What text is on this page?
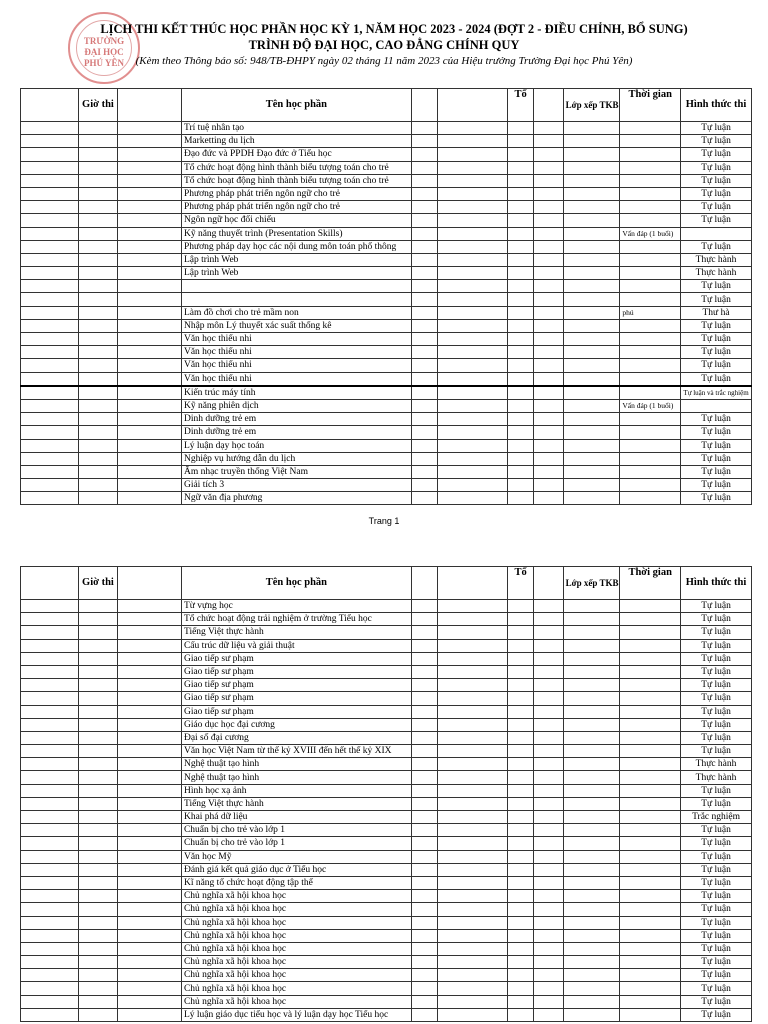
TRƯỜNG
ĐẠI HỌC
PHÚ YÊN
LỊCH THI KẾT THÚC HỌC PHẦN HỌC KỲ 1, NĂM HỌC 2023 - 2024 (ĐỢT 2 - ĐIỀU CHỈNH, BỔ SUNG)
TRÌNH ĐỘ ĐẠI HỌC, CAO ĐẲNG CHÍNH QUY
(Kèm theo Thông báo số: 948/TB-ĐHPY ngày 02 tháng 11 năm 2023 của Hiệu trưởng Trường Đại học Phú Yên)
	Giờ thi		Tên học phần			Tổ		Lớp xếp TKB	Thời gian	Hình thức thi
			Trí tuệ nhân tạo							Tự luận
			Marketting du lịch							Tự luận
			Đạo đức và PPDH Đạo đức ở Tiểu học							Tự luận
			Tổ chức hoạt động hình thành biểu tượng toán cho trẻ							Tự luận
			Tổ chức hoạt động hình thành biểu tượng toán cho trẻ							Tự luận
			Phương pháp phát triển ngôn ngữ cho trẻ							Tự luận
			Phương pháp phát triển ngôn ngữ cho trẻ							Tự luận
			Ngôn ngữ học đối chiếu							Tự luận
			Kỹ năng thuyết trình (Presentation Skills)						Vấn đáp (1 buổi)	
			Phương pháp dạy học các nội dung môn toán phổ thông							Tự luận
			Lập trình Web							Thực hành
			Lập trình Web							Thực hành
										Tự luận
										Tự luận
			Làm đồ chơi cho trẻ mầm non						phú	Thư hà
			Nhập môn Lý thuyết xác suất thống kê							Tự luận
			Văn học thiếu nhi							Tự luận
			Văn học thiếu nhi							Tự luận
			Văn học thiếu nhi							Tự luận
			Văn học thiếu nhi							Tự luận
			Kiến trúc máy tính							Tự luận và trắc nghiệm
			Kỹ năng phiên dịch						Vấn đáp (1 buổi)	
			Dinh dưỡng trẻ em							Tự luận
			Dinh dưỡng trẻ em							Tự luận
			Lý luận dạy học toán							Tự luận
			Nghiệp vụ hướng dẫn du lịch							Tự luận
			Âm nhạc truyền thống Việt Nam							Tự luận
			Giải tích 3							Tự luận
			Ngữ văn địa phương							Tự luận
Trang 1
	Giờ thi		Tên học phần			Tổ		Lớp xếp TKB	Thời gian	Hình thức thi
			Từ vựng học							Tự luận
			Tổ chức hoạt động trải nghiệm ở trường Tiểu học							Tự luận
			Tiếng Việt thực hành							Tự luận
			Cấu trúc dữ liệu và giải thuật							Tự luận
			Giao tiếp sư phạm							Tự luận
			Giao tiếp sư phạm							Tự luận
			Giao tiếp sư phạm							Tự luận
			Giao tiếp sư phạm							Tự luận
			Giao tiếp sư phạm							Tự luận
			Giáo dục học đại cương							Tự luận
			Đại số đại cương							Tự luận
			Văn học Việt Nam từ thế kỷ XVIII đến hết thế kỷ XIX							Tự luận
			Nghệ thuật tạo hình							Thực hành
			Nghệ thuật tạo hình							Thực hành
			Hình học xạ ảnh							Tự luận
			Tiếng Việt thực hành							Tự luận
			Khai phá dữ liệu							Trắc nghiệm
			Chuẩn bị cho trẻ vào lớp 1							Tự luận
			Chuẩn bị cho trẻ vào lớp 1							Tự luận
			Văn học Mỹ							Tự luận
			Đánh giá kết quả giáo dục ở Tiểu học							Tự luận
			Kĩ năng tổ chức hoạt động tập thể							Tự luận
			Chủ nghĩa xã hội khoa học							Tự luận
			Chủ nghĩa xã hội khoa học							Tự luận
			Chủ nghĩa xã hội khoa học							Tự luận
			Chủ nghĩa xã hội khoa học							Tự luận
			Chủ nghĩa xã hội khoa học							Tự luận
			Chủ nghĩa xã hội khoa học							Tự luận
			Chủ nghĩa xã hội khoa học							Tự luận
			Chủ nghĩa xã hội khoa học							Tự luận
			Chủ nghĩa xã hội khoa học							Tự luận
			Lý luận giáo dục tiểu học và lý luận dạy học Tiểu học							Tự luận
